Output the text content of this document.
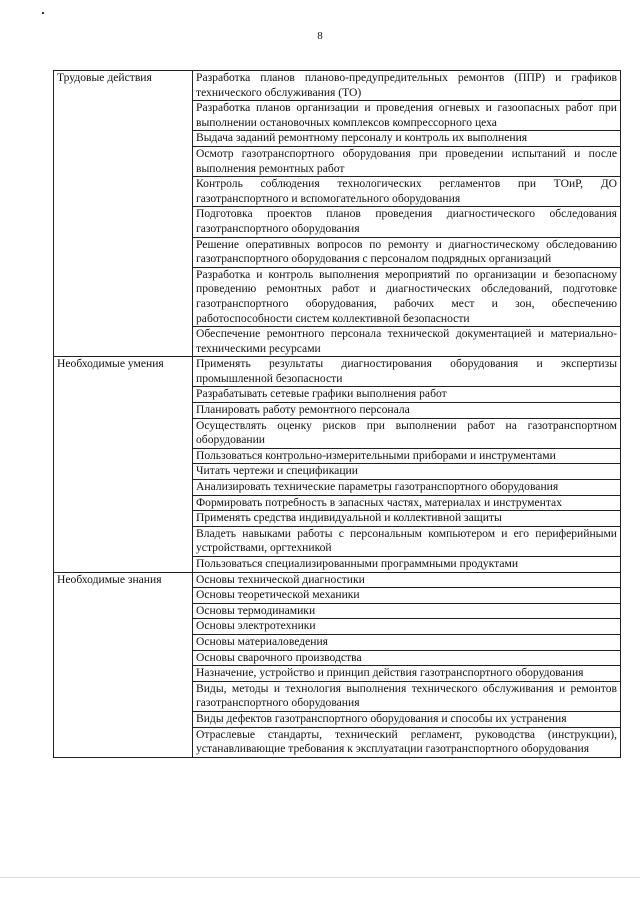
8
Трудовые действия	Разработка планов планово-предупредительных ремонтов (ППР) и графиков технического обслуживания (ТО)
	Разработка планов организации и проведения огневых и газоопасных работ при выполнении остановочных комплексов компрессорного цеха
	Выдача заданий ремонтному персоналу и контроль их выполнения
	Осмотр газотранспортного оборудования при проведении испытаний и после выполнения ремонтных работ
	Контроль соблюдения технологических регламентов при ТОиР, ДО газотранспортного и вспомогательного оборудования
	Подготовка проектов планов проведения диагностического обследования газотранспортного оборудования
	Решение оперативных вопросов по ремонту и диагностическому обследованию газотранспортного оборудования с персоналом подрядных организаций
	Разработка и контроль выполнения мероприятий по организации и безопасному проведению ремонтных работ и диагностических обследований, подготовке газотранспортного оборудования, рабочих мест и зон, обеспечению работоспособности систем коллективной безопасности
	Обеспечение ремонтного персонала технической документацией и материально-техническими ресурсами
Необходимые умения	Применять результаты диагностирования оборудования и экспертизы промышленной безопасности
	Разрабатывать сетевые графики выполнения работ
	Планировать работу ремонтного персонала
	Осуществлять оценку рисков при выполнении работ на газотранспортном оборудовании
	Пользоваться контрольно-измерительными приборами и инструментами
	Читать чертежи и спецификации
	Анализировать технические параметры газотранспортного оборудования
	Формировать потребность в запасных частях, материалах и инструментах
	Применять средства индивидуальной и коллективной защиты
	Владеть навыками работы с персональным компьютером и его периферийными устройствами, оргтехникой
	Пользоваться специализированными программными продуктами
Необходимые знания	Основы технической диагностики
	Основы теоретической механики
	Основы термодинамики
	Основы электротехники
	Основы материаловедения
	Основы сварочного производства
	Назначение, устройство и принцип действия газотранспортного оборудования
	Виды, методы и технология выполнения технического обслуживания и ремонтов газотранспортного оборудования
	Виды дефектов газотранспортного оборудования и способы их устранения
	Отраслевые стандарты, технический регламент, руководства (инструкции), устанавливающие требования к эксплуатации газотранспортного оборудования
